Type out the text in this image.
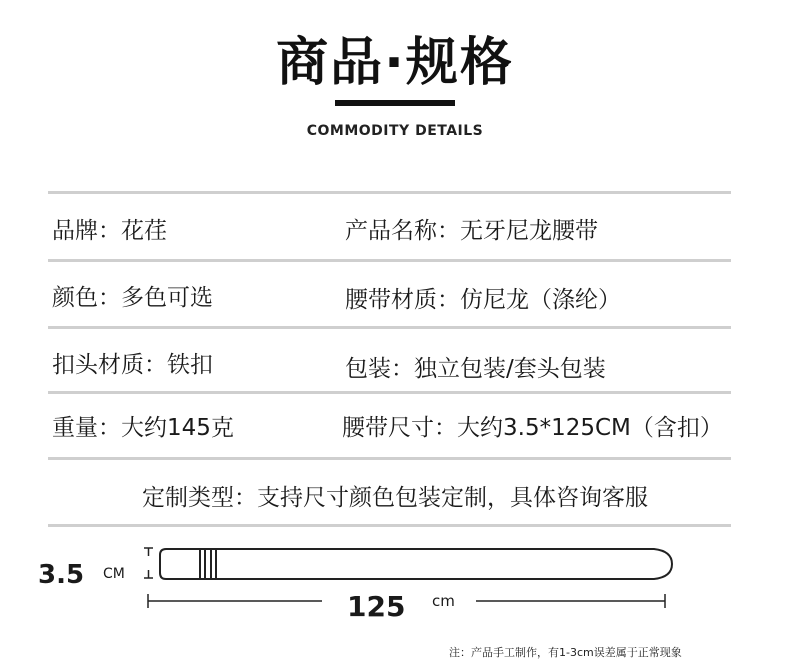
商品·规格
COMMODITY DETAILS
品牌：花荏	产品名称：无牙尼龙腰带
颜色：多色可选	腰带材质：仿尼龙（涤纶）
扣头材质：铁扣	包装：独立包装/套头包装
重量：大约145克	腰带尺寸：大约3.5*125CM（含扣）
定制类型：支持尺寸颜色包装定制，具体咨询客服
3.5 CM
125 cm
注：产品手工制作，有1-3cm误差属于正常现象
